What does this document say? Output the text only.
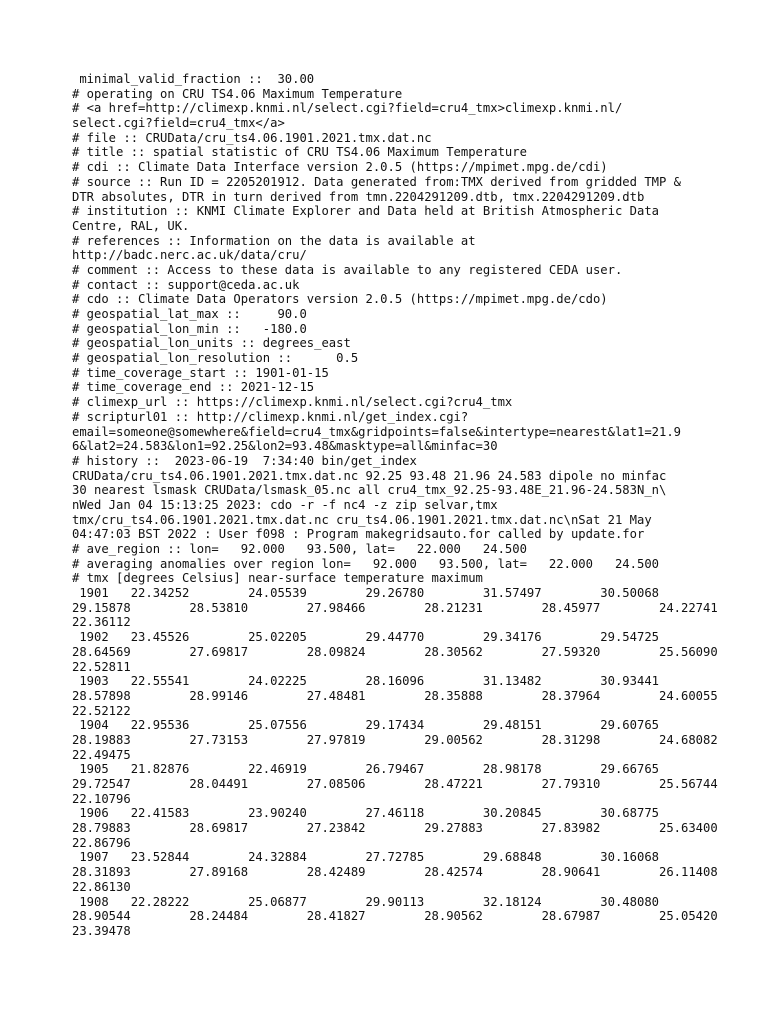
minimal_valid_fraction ::  30.00
# operating on CRU TS4.06 Maximum Temperature
# <a href=http://climexp.knmi.nl/select.cgi?field=cru4_tmx>climexp.knmi.nl/
select.cgi?field=cru4_tmx</a>
# file :: CRUData/cru_ts4.06.1901.2021.tmx.dat.nc
# title :: spatial statistic of CRU TS4.06 Maximum Temperature
# cdi :: Climate Data Interface version 2.0.5 (https://mpimet.mpg.de/cdi)
# source :: Run ID = 2205201912. Data generated from:TMX derived from gridded TMP &
DTR absolutes, DTR in turn derived from tmn.2204291209.dtb, tmx.2204291209.dtb
# institution :: KNMI Climate Explorer and Data held at British Atmospheric Data
Centre, RAL, UK.
# references :: Information on the data is available at
http://badc.nerc.ac.uk/data/cru/
# comment :: Access to these data is available to any registered CEDA user.
# contact :: support@ceda.ac.uk
# cdo :: Climate Data Operators version 2.0.5 (https://mpimet.mpg.de/cdo)
# geospatial_lat_max ::     90.0
# geospatial_lon_min ::   -180.0
# geospatial_lon_units :: degrees_east
# geospatial_lon_resolution ::      0.5
# time_coverage_start :: 1901-01-15
# time_coverage_end :: 2021-12-15
# climexp_url :: https://climexp.knmi.nl/select.cgi?cru4_tmx
# scripturl01 :: http://climexp.knmi.nl/get_index.cgi?
email=someone@somewhere&field=cru4_tmx&gridpoints=false&intertype=nearest&lat1=21.9
6&lat2=24.583&lon1=92.25&lon2=93.48&masktype=all&minfac=30
# history ::  2023-06-19  7:34:40 bin/get_index
CRUData/cru_ts4.06.1901.2021.tmx.dat.nc 92.25 93.48 21.96 24.583 dipole no minfac
30 nearest lsmask CRUData/lsmask_05.nc all cru4_tmx_92.25-93.48E_21.96-24.583N_n\
nWed Jan 04 15:13:25 2023: cdo -r -f nc4 -z zip selvar,tmx
tmx/cru_ts4.06.1901.2021.tmx.dat.nc cru_ts4.06.1901.2021.tmx.dat.nc\nSat 21 May
04:47:03 BST 2022 : User f098 : Program makegridsauto.for called by update.for
# ave_region :: lon=   92.000   93.500, lat=   22.000   24.500
# averaging anomalies over region lon=   92.000   93.500, lat=   22.000   24.500
# tmx [degrees Celsius] near-surface temperature maximum
1901   22.34252        24.05539        29.26780        31.57497        30.50068
29.15878        28.53810        27.98466        28.21231        28.45977        24.22741
22.36112
1902   23.45526        25.02205        29.44770        29.34176        29.54725
28.64569        27.69817        28.09824        28.30562        27.59320        25.56090
22.52811
1903   22.55541        24.02225        28.16096        31.13482        30.93441
28.57898        28.99146        27.48481        28.35888        28.37964        24.60055
22.52122
1904   22.95536        25.07556        29.17434        29.48151        29.60765
28.19883        27.73153        27.97819        29.00562        28.31298        24.68082
22.49475
1905   21.82876        22.46919        26.79467        28.98178        29.66765
29.72547        28.04491        27.08506        28.47221        27.79310        25.56744
22.10796
1906   22.41583        23.90240        27.46118        30.20845        30.68775
28.79883        28.69817        27.23842        29.27883        27.83982        25.63400
22.86796
1907   23.52844        24.32884        27.72785        29.68848        30.16068
28.31893        27.89168        28.42489        28.42574        28.90641        26.11408
22.86130
1908   22.28222        25.06877        29.90113        32.18124        30.48080
28.90544        28.24484        28.41827        28.90562        28.67987        25.05420
23.39478
